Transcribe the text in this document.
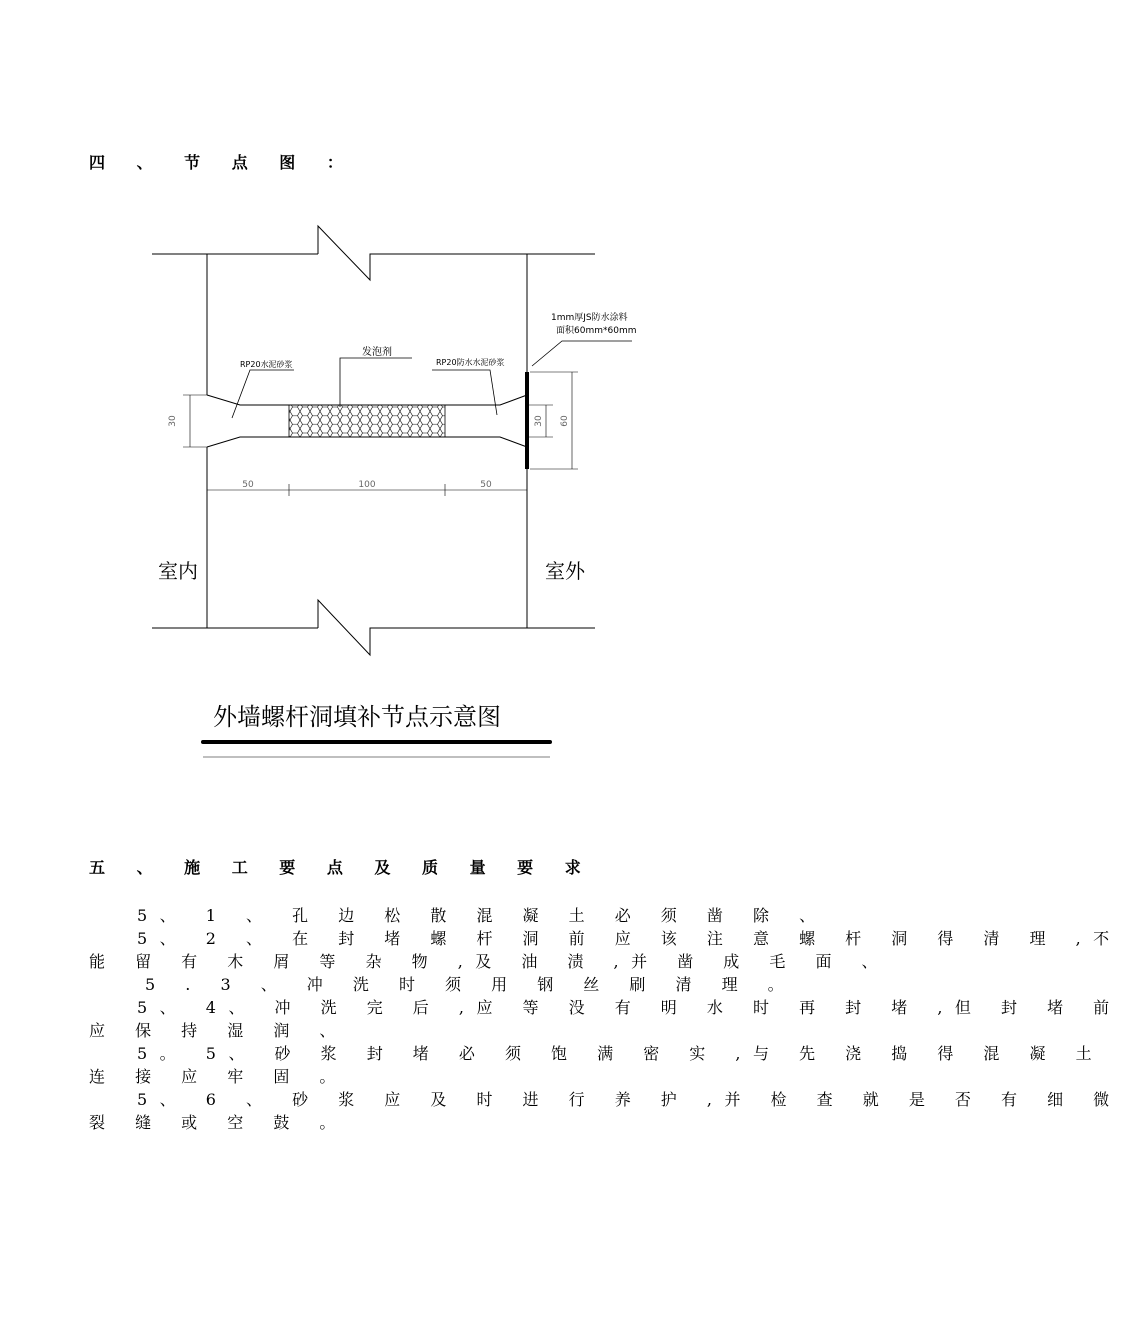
四 、 节 点 图 ：
1mm厚JS防水涂料
面积60mm*60mm
发泡剂
RP20水泥砂浆	RP20防水水泥砂浆
30	30 60
50	100	50
室内	室外
外墙螺杆洞填补节点示意图
五 、 施 工 要 点 及 质 量 要 求
5、 1 、 孔 边 松 散 混 凝 土 必 须 凿 除 、
5、 2 、 在 封 堵 螺 杆 洞 前 应 该 注 意 螺 杆 洞 得 清 理 ,不
能 留 有 木 屑 等 杂 物 ,及 油 渍 ,并 凿 成 毛 面 、
5 . 3 、 冲 洗 时 须 用 钢 丝 刷 清 理 。
5、 4、 冲 洗 完 后 ,应 等 没 有 明 水 时 再 封 堵 ,但 封 堵 前
应 保 持 湿 润 、
5。 5、 砂 浆 封 堵 必 须 饱 满 密 实 ,与 先 浇 捣 得 混 凝 土
连 接 应 牢 固 。
5、 6 、 砂 浆 应 及 时 进 行 养 护 ,并 检 查 就 是 否 有 细 微
裂 缝 或 空 鼓 。
